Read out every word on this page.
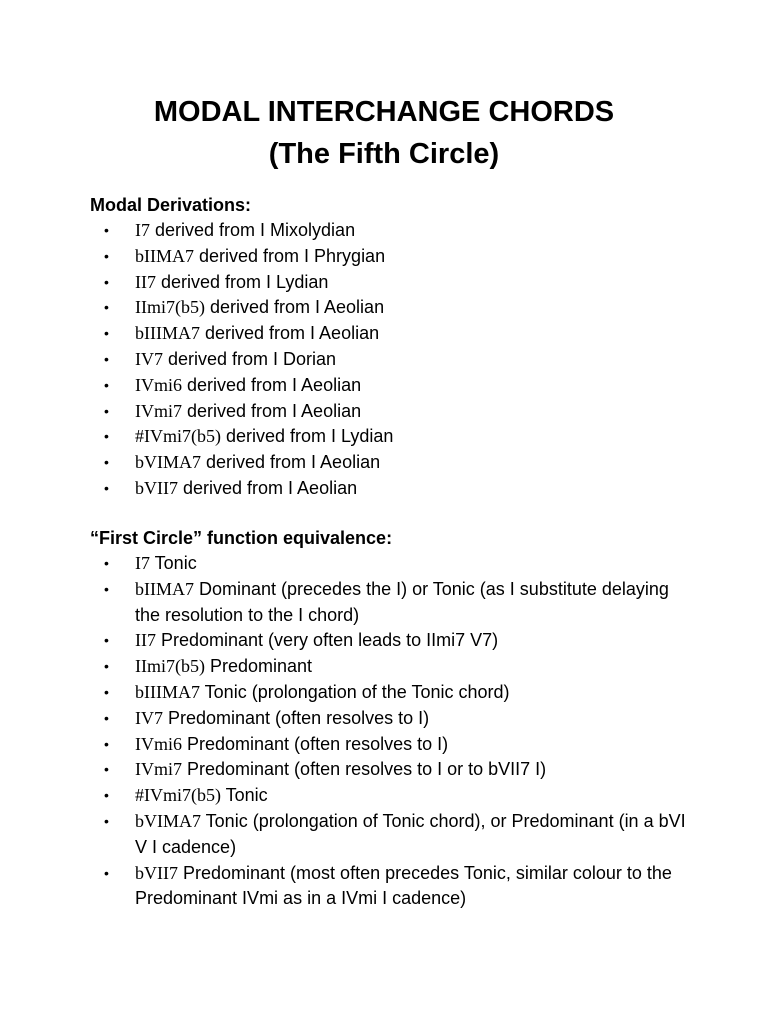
MODAL INTERCHANGE CHORDS
(The Fifth Circle)
Modal Derivations:
• I7 derived from I Mixolydian
• bIIMA7 derived from I Phrygian
• II7 derived from I Lydian
• IImi7(b5) derived from I Aeolian
• bIIIMA7 derived from I Aeolian
• IV7 derived from I Dorian
• IVmi6 derived from I Aeolian
• IVmi7 derived from I Aeolian
• #IVmi7(b5) derived from I Lydian
• bVIMA7 derived from I Aeolian
• bVII7 derived from I Aeolian
“First Circle” function equivalence:
• I7 Tonic
• bIIMA7 Dominant (precedes the I) or Tonic (as I substitute delaying the resolution to the I chord)
• II7 Predominant (very often leads to IImi7 V7)
• IImi7(b5) Predominant
• bIIIMA7 Tonic (prolongation of the Tonic chord)
• IV7 Predominant (often resolves to I)
• IVmi6 Predominant (often resolves to I)
• IVmi7 Predominant (often resolves to I or to bVII7 I)
• #IVmi7(b5) Tonic
• bVIMA7 Tonic (prolongation of Tonic chord), or Predominant (in a bVI V I cadence)
• bVII7 Predominant (most often precedes Tonic, similar colour to the Predominant IVmi as in a IVmi I cadence)
